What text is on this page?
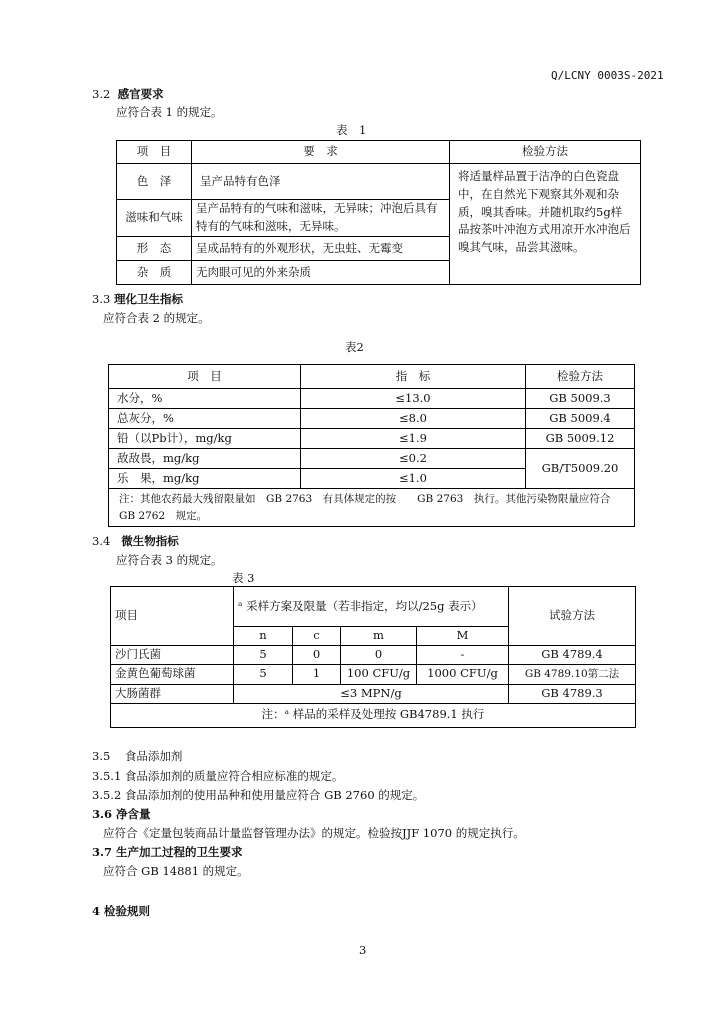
Q/LCNY 0003S-2021
3.2 感官要求
应符合表 1 的规定。
表　1
项　目	要　求	检验方法
色　泽	呈产品特有色泽	将适量样品置于洁净的白色瓷盘中，在自然光下观察其外观和杂质，嗅其香味。并随机取约5g样品按茶叶冲泡方式用凉开水冲泡后嗅其气味，品尝其滋味。
滋味和气味	呈产品特有的气味和滋味，无异味；冲泡后具有特有的气味和滋味，无异味。	
形　态	呈成品特有的外观形状，无虫蛀、无霉变	
杂　质	无肉眼可见的外来杂质	
3.3 理化卫生指标
应符合表 2 的规定。
表2
项　目	指　标	检验方法
水分，%	≤13.0	GB 5009.3
总灰分，%	≤8.0	GB 5009.4
铅（以Pb计），mg/kg	≤1.9	GB 5009.12
敌敌畏，mg/kg	≤0.2	GB/T5009.20
乐　果，mg/kg	≤1.0	
注：其他农药最大残留限量如　GB 2763　有具体规定的按　　GB 2763　执行。其他污染物限量应符合　　GB 2762　规定。		
3.4 微生物指标
应符合表 3 的规定。
表 3
项目	ᵃ 采样方案及限量（若非指定，均以/25g 表示）				试验方法
	n	c	m	M	
沙门氏菌	5	0	0	-	GB 4789.4
金黄色葡萄球菌	5	1	100 CFU/g	1000 CFU/g	GB 4789.10第二法
大肠菌群	≤3 MPN/g				GB 4789.3
注：ᵃ 样品的采样及处理按 GB4789.1 执行					
3.5 食品添加剂
3.5.1 食品添加剂的质量应符合相应标准的规定。
3.5.2 食品添加剂的使用品种和使用量应符合 GB 2760 的规定。
3.6 净含量
应符合《定量包装商品计量监督管理办法》的规定。检验按JJF 1070 的规定执行。
3.7 生产加工过程的卫生要求
应符合 GB 14881 的规定。
4 检验规则
3
